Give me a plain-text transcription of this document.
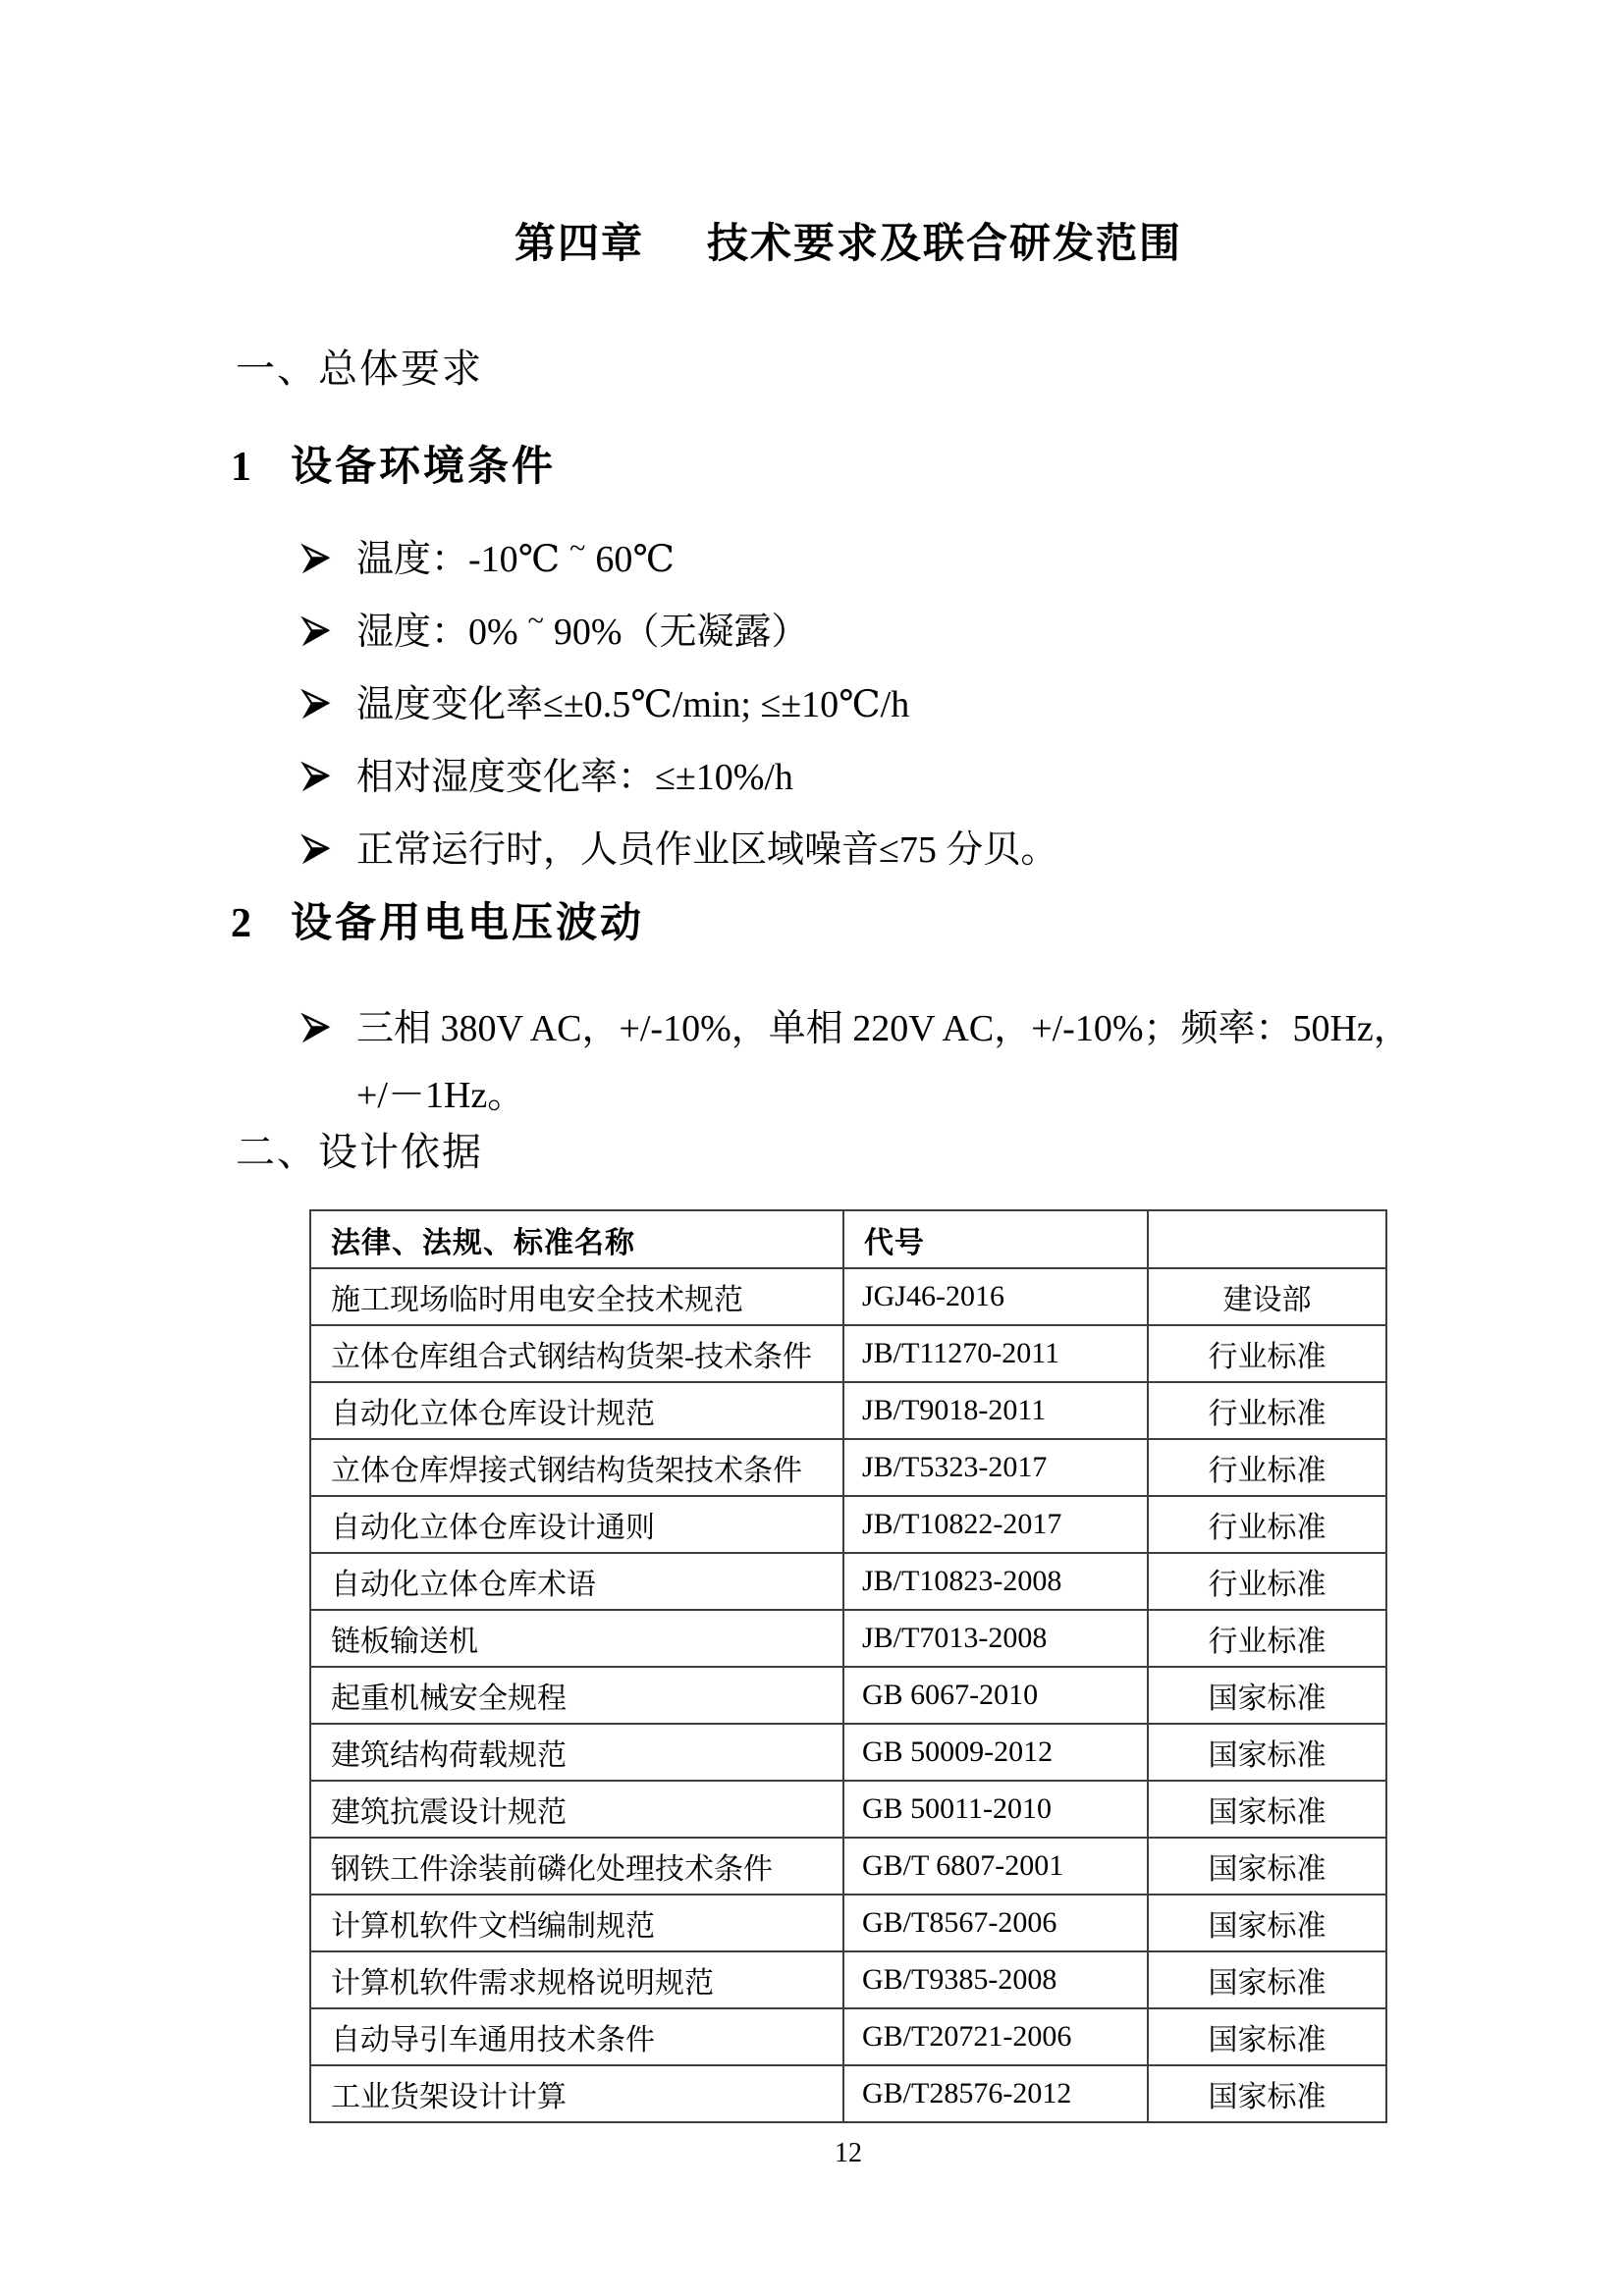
第四章 技术要求及联合研发范围
一、总体要求
1 设备环境条件
温度：-10℃ ~ 60℃
湿度：0% ~ 90%（无凝露）
温度变化率≤±0.5℃/min; ≤±10℃/h
相对湿度变化率：≤±10%/h
正常运行时，人员作业区域噪音≤75 分贝。
2 设备用电电压波动
三相 380V AC，+/-10%，单相 220V AC，+/-10%；频率：50Hz，
+/－1Hz。
二、设计依据
法律、法规、标准名称	代号	
施工现场临时用电安全技术规范	JGJ46-2016	建设部
立体仓库组合式钢结构货架-技术条件	JB/T11270-2011	行业标准
自动化立体仓库设计规范	JB/T9018-2011	行业标准
立体仓库焊接式钢结构货架技术条件	JB/T5323-2017	行业标准
自动化立体仓库设计通则	JB/T10822-2017	行业标准
自动化立体仓库术语	JB/T10823-2008	行业标准
链板输送机	JB/T7013-2008	行业标准
起重机械安全规程	GB 6067-2010	国家标准
建筑结构荷载规范	GB 50009-2012	国家标准
建筑抗震设计规范	GB 50011-2010	国家标准
钢铁工件涂装前磷化处理技术条件	GB/T 6807-2001	国家标准
计算机软件文档编制规范	GB/T8567-2006	国家标准
计算机软件需求规格说明规范	GB/T9385-2008	国家标准
自动导引车通用技术条件	GB/T20721-2006	国家标准
工业货架设计计算	GB/T28576-2012	国家标准
12
